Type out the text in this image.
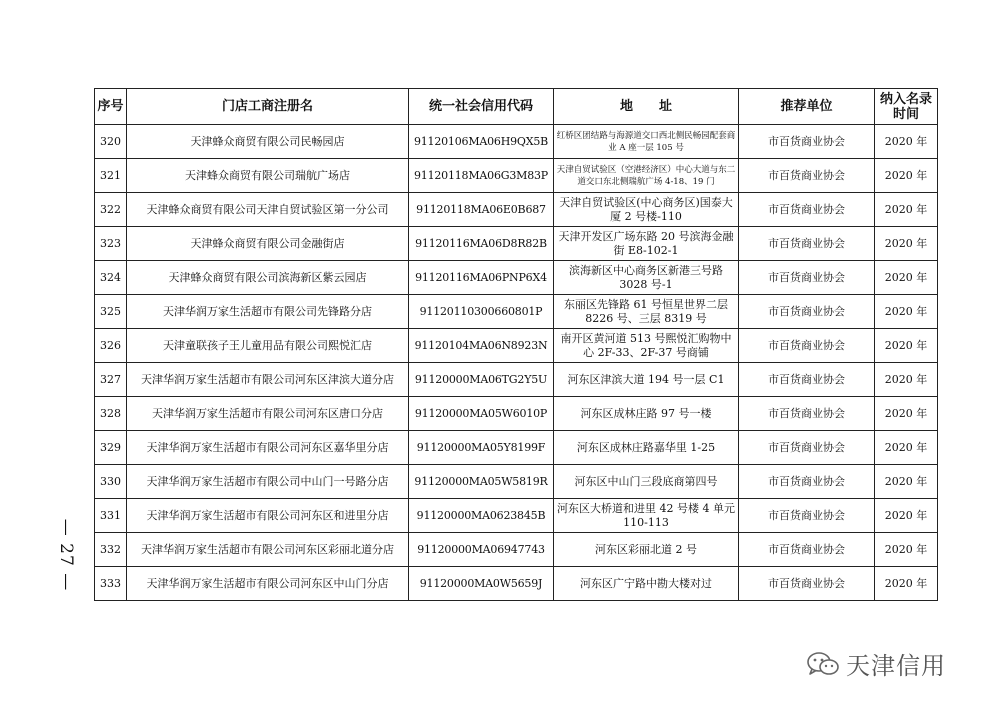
— 27 —
序号	门店工商注册名	统一社会信用代码	地　　址	推荐单位	纳入名录时间
320	天津蜂众商贸有限公司民畅园店	91120106MA06H9QX5B	红桥区团结路与海源道交口西北侧民畅园配套商业 A 座一层 105 号	市百货商业协会	2020 年
321	天津蜂众商贸有限公司瑞航广场店	91120118MA06G3M83P	天津自贸试验区（空港经济区）中心大道与东二道交口东北侧瑞航广场 4-18、19 门	市百货商业协会	2020 年
322	天津蜂众商贸有限公司天津自贸试验区第一分公司	91120118MA06E0B687	天津自贸试验区(中心商务区)国泰大厦 2 号楼-110	市百货商业协会	2020 年
323	天津蜂众商贸有限公司金融街店	91120116MA06D8R82B	天津开发区广场东路 20 号滨海金融街 E8-102-1	市百货商业协会	2020 年
324	天津蜂众商贸有限公司滨海新区紫云园店	91120116MA06PNP6X4	滨海新区中心商务区新港三号路 3028 号-1	市百货商业协会	2020 年
325	天津华润万家生活超市有限公司先锋路分店	91120110300660801P	东丽区先锋路 61 号恒星世界二层 8226 号、三层 8319 号	市百货商业协会	2020 年
326	天津童联孩子王儿童用品有限公司熙悦汇店	91120104MA06N8923N	南开区黄河道 513 号熙悦汇购物中心 2F-33、2F-37 号商铺	市百货商业协会	2020 年
327	天津华润万家生活超市有限公司河东区津滨大道分店	91120000MA06TG2Y5U	河东区津滨大道 194 号一层 C1	市百货商业协会	2020 年
328	天津华润万家生活超市有限公司河东区唐口分店	91120000MA05W6010P	河东区成林庄路 97 号一楼	市百货商业协会	2020 年
329	天津华润万家生活超市有限公司河东区嘉华里分店	91120000MA05Y8199F	河东区成林庄路嘉华里 1-25	市百货商业协会	2020 年
330	天津华润万家生活超市有限公司中山门一号路分店	91120000MA05W5819R	河东区中山门三段底商第四号	市百货商业协会	2020 年
331	天津华润万家生活超市有限公司河东区和进里分店	91120000MA0623845B	河东区大桥道和进里 42 号楼 4 单元 110-113	市百货商业协会	2020 年
332	天津华润万家生活超市有限公司河东区彩丽北道分店	91120000MA06947743	河东区彩丽北道 2 号	市百货商业协会	2020 年
333	天津华润万家生活超市有限公司河东区中山门分店	91120000MA0W5659J	河东区广宁路中勘大楼对过	市百货商业协会	2020 年
天津信用
